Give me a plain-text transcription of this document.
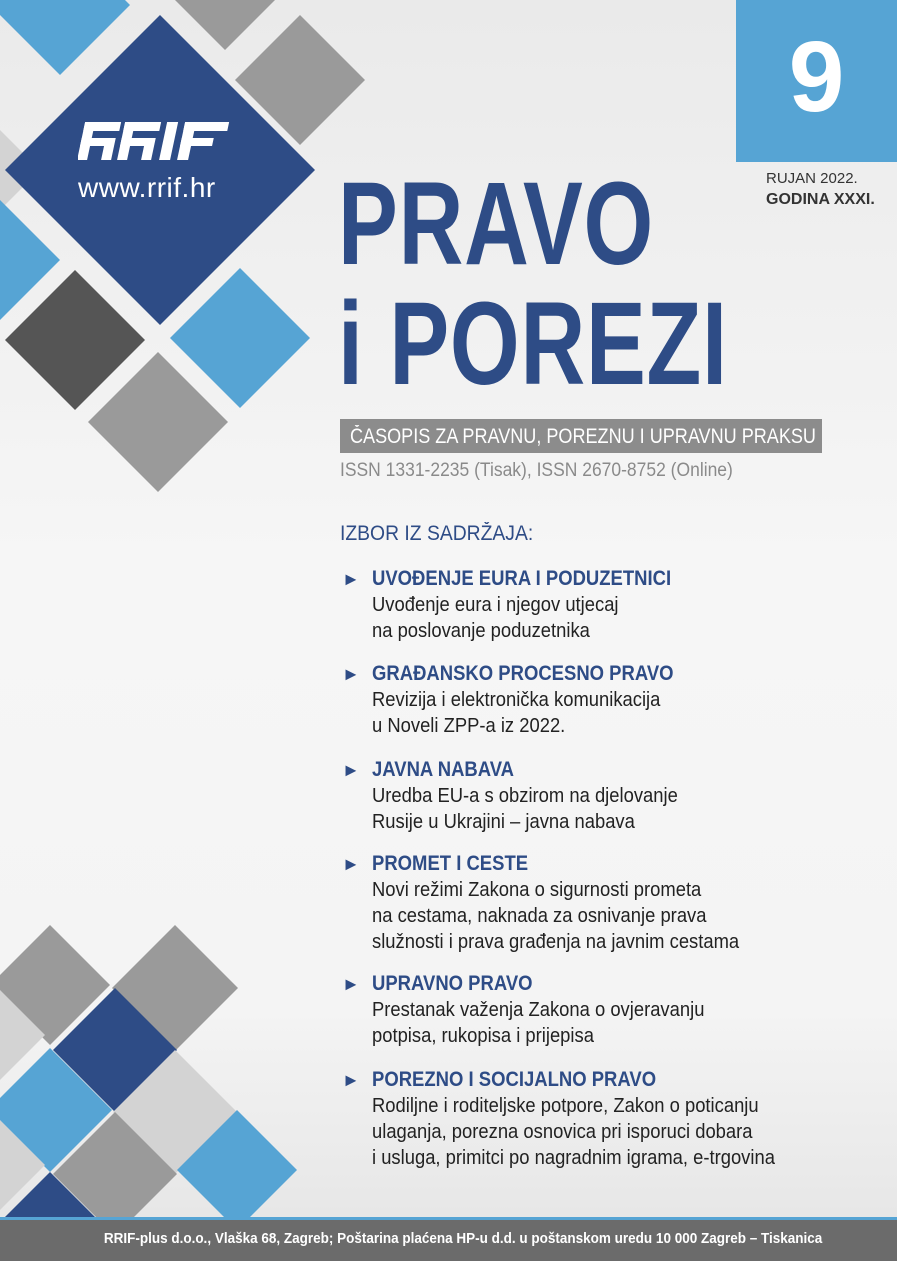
www.rrif.hr
9
RUJAN 2022.
GODINA XXXI.
PRAVO
i POREZI
ČASOPIS ZA PRAVNU, POREZNU I UPRAVNU PRAKSU
ISSN 1331-2235 (Tisak), ISSN 2670-8752 (Online)
IZBOR IZ SADRŽAJA:
► UVOĐENJE EURA I PODUZETNICI
Uvođenje eura i njegov utjecaj
na poslovanje poduzetnika
► GRAĐANSKO PROCESNO PRAVO
Revizija i elektronička komunikacija
u Noveli ZPP-a iz 2022.
► JAVNA NABAVA
Uredba EU-a s obzirom na djelovanje
Rusije u Ukrajini – javna nabava
► PROMET I CESTE
Novi režimi Zakona o sigurnosti prometa
na cestama, naknada za osnivanje prava
služnosti i prava građenja na javnim cestama
► UPRAVNO PRAVO
Prestanak važenja Zakona o ovjeravanju
potpisa, rukopisa i prijepisa
► POREZNO I SOCIJALNO PRAVO
Rodiljne i roditeljske potpore, Zakon o poticanju
ulaganja, porezna osnovica pri isporuci dobara
i usluga, primitci po nagradnim igrama, e-trgovina
RRIF-plus d.o.o., Vlaška 68, Zagreb; Poštarina plaćena HP-u d.d. u poštanskom uredu 10 000 Zagreb – Tiskanica
